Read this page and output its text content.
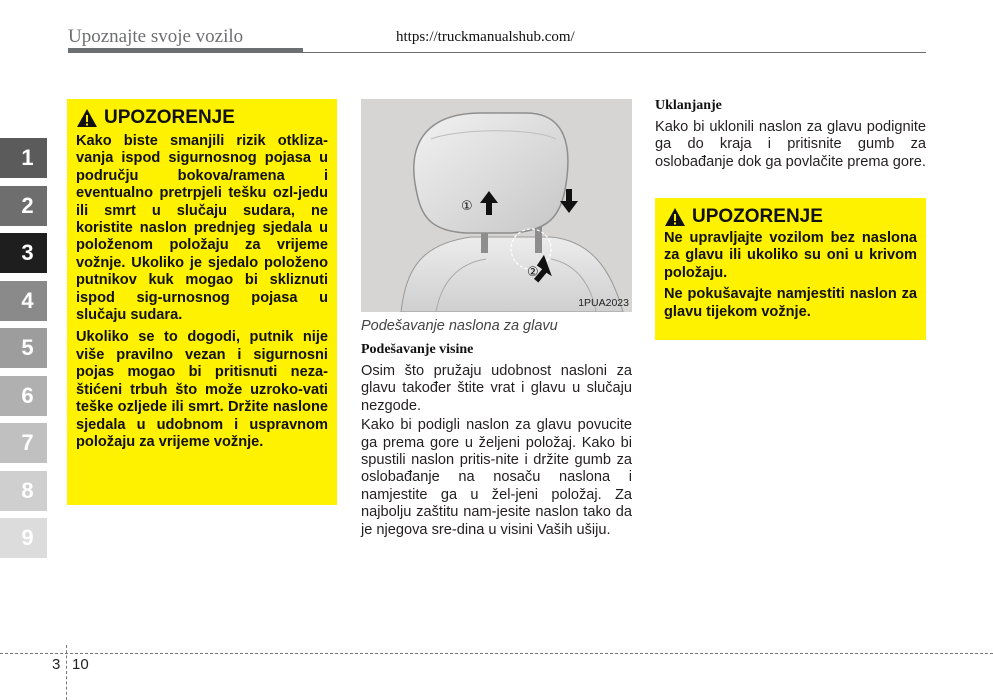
Upoznajte svoje vozilo	https://truckmanualshub.com/
1
2
3
4
5
6
7
8
9
UPOZORENJE

Kako biste smanjili rizik otkliza-vanja ispod sigurnosnog pojasa u području bokova/ramena i eventualno pretrpjeli tešku ozl-jedu ili smrt u slučaju sudara, ne koristite naslon prednjeg sjedala u položenom položaju za vrijeme vožnje. Ukoliko je sjedalo položeno putnikov kuk mogao bi skliznuti ispod sig-urnosnog pojasa u slučaju sudara.

Ukoliko se to dogodi, putnik nije više pravilno vezan i sigurnosni pojas mogao bi pritisnuti neza-štićeni trbuh što može uzroko-vati teške ozljede ili smrt. Držite naslone sjedala u udobnom i uspravnom položaju za vrijeme vožnje.

①
②
1PUA2023
Podešavanje naslona za glavu
Podešavanje visine

Osim što pružaju udobnost nasloni za glavu također štite vrat i glavu u slučaju nezgode.

Kako bi podigli naslon za glavu povucite ga prema gore u željeni položaj. Kako bi spustili naslon pritis-nite i držite gumb za oslobađanje na nosaču naslona i namjestite ga u žel-jeni položaj. Za najbolju zaštitu nam-jesite naslon tako da je njegova sre-dina u visini Vaših ušiju.

Uklanjanje

Kako bi uklonili naslon za glavu podignite ga do kraja i pritisnite gumb za oslobađanje dok ga povlačite prema gore.

UPOZORENJE

Ne upravljajte vozilom bez naslona za glavu ili ukoliko su oni u krivom položaju.

Ne pokušavajte namjestiti naslon za glavu tijekom vožnje.

3 10
